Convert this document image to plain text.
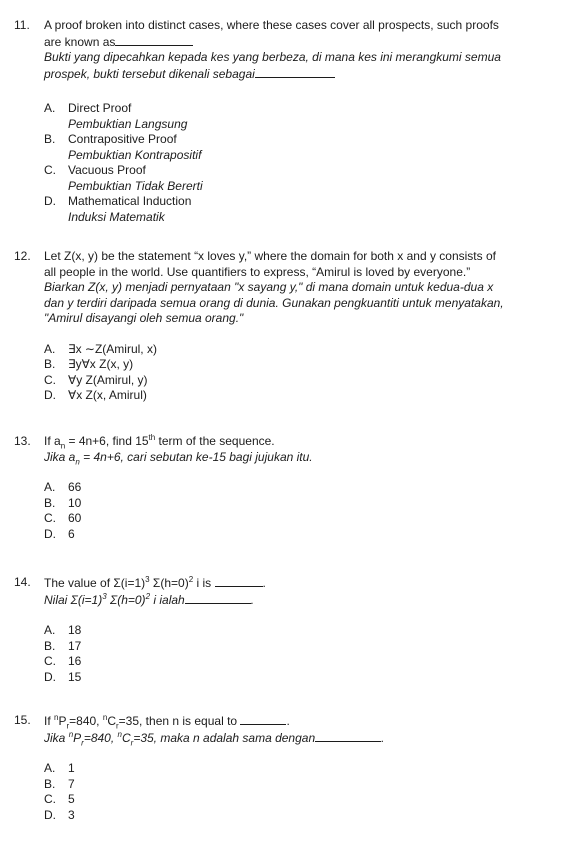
11.	A proof broken into distinct cases, where these cases cover all prospects, such proofs
are known as
Bukti yang dipecahkan kepada kes yang berbeza, di mana kes ini merangkumi semua
prospek, bukti tersebut dikenali sebagai
A. Direct Proof
Pembuktian Langsung
B. Contrapositive Proof
Pembuktian Kontrapositif
C. Vacuous Proof
Pembuktian Tidak Bererti
D. Mathematical Induction
Induksi Matematik
12.	Let Z(x, y) be the statement “x loves y,” where the domain for both x and y consists of
all people in the world. Use quantifiers to express, “Amirul is loved by everyone.”
Biarkan Z(x, y) menjadi pernyataan "x sayang y," di mana domain untuk kedua-dua x
dan y terdiri daripada semua orang di dunia. Gunakan pengkuantiti untuk menyatakan,
"Amirul disayangi oleh semua orang."
A. ∃x ∼Z(Amirul, x)
B. ∃y∀x Z(x, y)
C. ∀y Z(Amirul, y)
D. ∀x Z(x, Amirul)
13.	If $a_n = 4n+6$, find 15th term of the sequence.
Jika $a_n = 4n+6$, cari sebutan ke-15 bagi jujukan itu.
A. 66
B. 10
C. 60
D. 6
14.	The value of Σ(i=1)$^3$ Σ(h=0)$^2$ i is	.
Nilai Σ(i=1)$^3$ Σ(h=0)$^2$ i ialah	.
A. 18
B. 17
C. 16
D. 15
15.	If $^nP_r=840$, $^nC_r=35$, then n is equal to	.
Jika $^nP_r=840$, $^nC_r=35$, maka n adalah sama dengan	.
A. 1
B. 7
C. 5
D. 3
